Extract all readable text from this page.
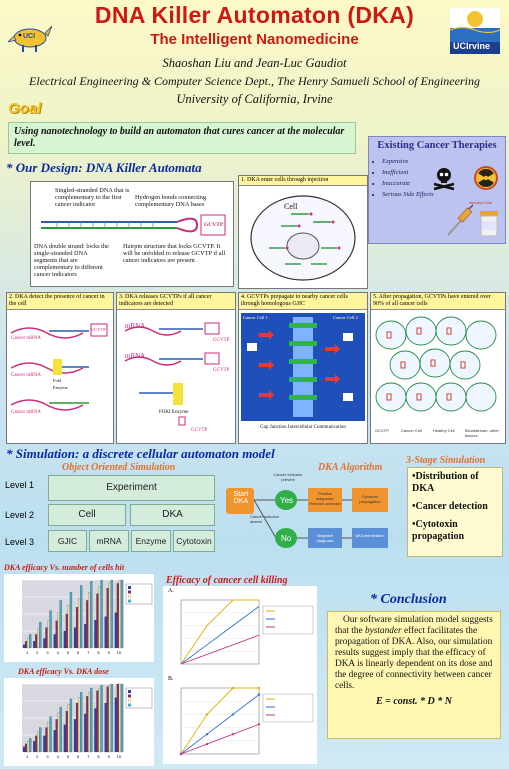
DNA Killer Automaton (DKA)
The Intelligent Nanomedicine
Shaoshan Liu and Jean-Luc Gaudiot
Electrical Engineering & Computer Science Dept., The Henry Samueli School of Engineering
University of California, Irvine
UCI
UCIrvine
Goal
Using nanotechnology to build an automaton that cures cancer at the molecular level.	Existing Cancer Therapies
• Expensive
• Inefficient
• Inaccurate
• Serious Side Effects
Injection Site
* Our Design: DNA Killer Automata
Singled-stranded DNA that is complementary to the first cancer indicator
Hydrogen bonds connecting complementary DNA bases
GCVTP
DNA double strand: locks the single-stranded DNA segments that are complementary to different cancer indicators
Hairpin structure that locks GCVTP. It will be unfolded to release GCVTP if all cancer indicators are present
1. DKA enter cells through injection
Cell
2. DKA detect the presence of cancer in the cell
Cancer mRNA
Cancer mRNA
Cancer mRNA
GCVTP
FokI Enzyme
3. DKA releases GCVTPs if all cancer indicators are detected
mRNA
mRNA
GCVTP
GCVTP
FOKI Enzyme
GCVTP
4. GCVTPs propagate to nearby cancer cells through homologous GJIC
Cancer Cell 1	Cancer Cell 2
Gap Junction Intercellular Communication
5. After propagation, GCVTPs have entered over 90% of all cancer cells
GCVTP	Cancer Cell	Healthy Cell	Bloodstream, other tissues
* Simulation: a discrete cellular automaton model
Object Oriented Simulation	DKA Algorithm
3-Stage Simulation
Level 1
Level 2
Level 3
Experiment
Cell	DKA
GJIC	mRNA	Enzyme	Cytotoxin
Start DKA	Yes
No
Cancer indicator present
Cancer indicator absent
Positive diagnosis: Release cytotoxin
Cytotoxin propagation
Negative diagnosis
DKA termination
•Distribution of DKA
•Cancer detection
•Cytotoxin propagation
DKA efficacy Vs. number of cells hit
1 2 3 4 5 6 7 8 9 10
DKA efficacy Vs. DKA dose
1 2 3 4 5 6 7 8 9 10
Efficacy of cancer cell killing
A.
B.
* Conclusion
Our software simulation model suggests that the bystander effect facilitates the propagation of DKA. Also, our simulation results suggest imply that the efficacy of DKA is linearly dependent on its dose and the degree of connectivity between cancer cells.
E = const. * D * N
